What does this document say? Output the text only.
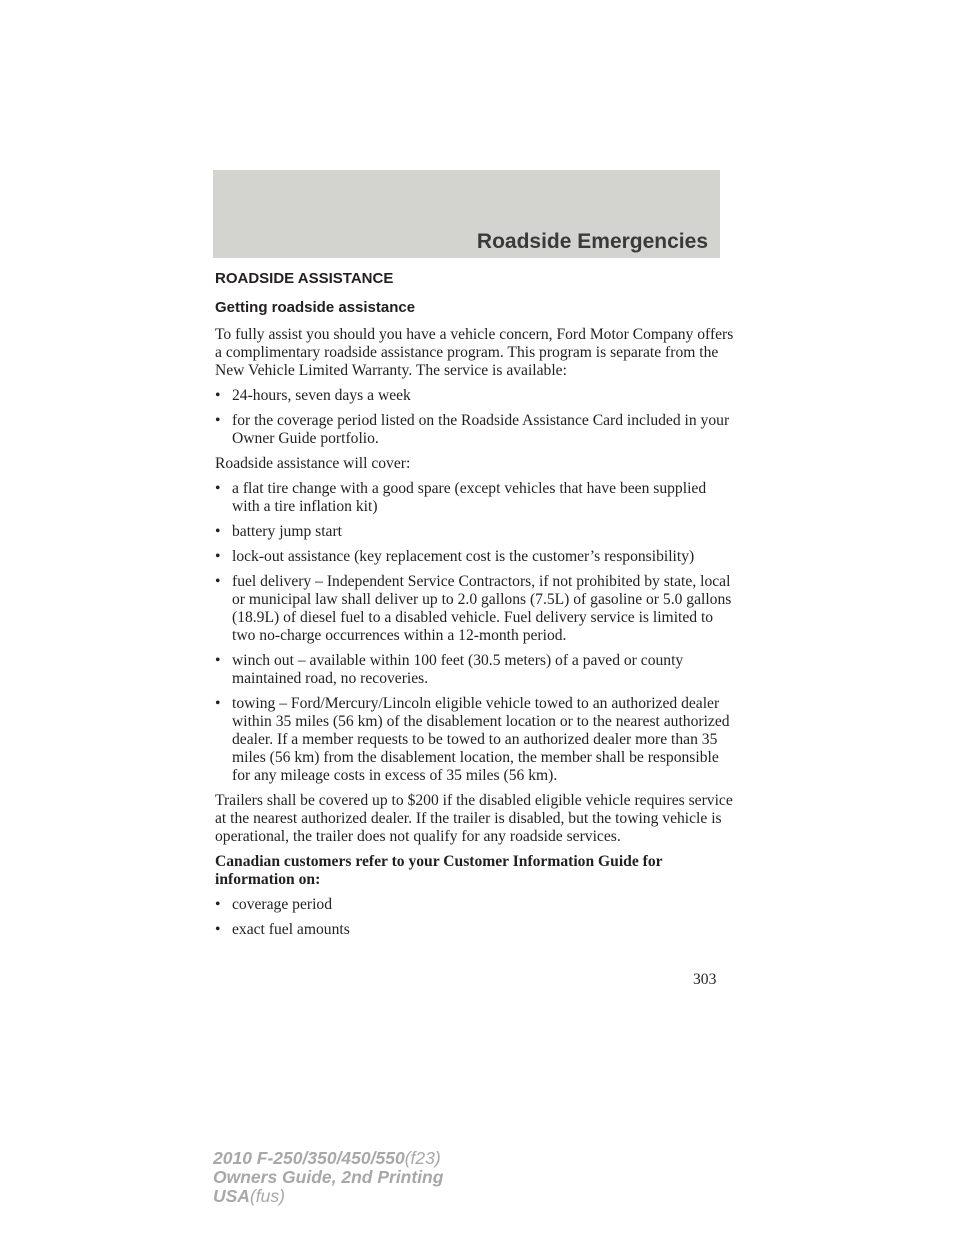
Roadside Emergencies
ROADSIDE ASSISTANCE
Getting roadside assistance

To fully assist you should you have a vehicle concern, Ford Motor Company offers a complimentary roadside assistance program. This program is separate from the New Vehicle Limited Warranty. The service is available:

• 24-hours, seven days a week
• for the coverage period listed on the Roadside Assistance Card included in your Owner Guide portfolio.

Roadside assistance will cover:

• a flat tire change with a good spare (except vehicles that have been supplied with a tire inflation kit)
• battery jump start
• lock-out assistance (key replacement cost is the customer’s responsibility)
• fuel delivery – Independent Service Contractors, if not prohibited by state, local or municipal law shall deliver up to 2.0 gallons (7.5L) of gasoline or 5.0 gallons (18.9L) of diesel fuel to a disabled vehicle. Fuel delivery service is limited to two no-charge occurrences within a 12-month period.
• winch out – available within 100 feet (30.5 meters) of a paved or county maintained road, no recoveries.
• towing – Ford/Mercury/Lincoln eligible vehicle towed to an authorized dealer within 35 miles (56 km) of the disablement location or to the nearest authorized dealer. If a member requests to be towed to an authorized dealer more than 35 miles (56 km) from the disablement location, the member shall be responsible for any mileage costs in excess of 35 miles (56 km).

Trailers shall be covered up to $200 if the disabled eligible vehicle requires service at the nearest authorized dealer. If the trailer is disabled, but the towing vehicle is operational, the trailer does not qualify for any roadside services.

Canadian customers refer to your Customer Information Guide for information on:

• coverage period
• exact fuel amounts
303
2010 F-250/350/450/550(f23)
Owners Guide, 2nd Printing
USA(fus)
